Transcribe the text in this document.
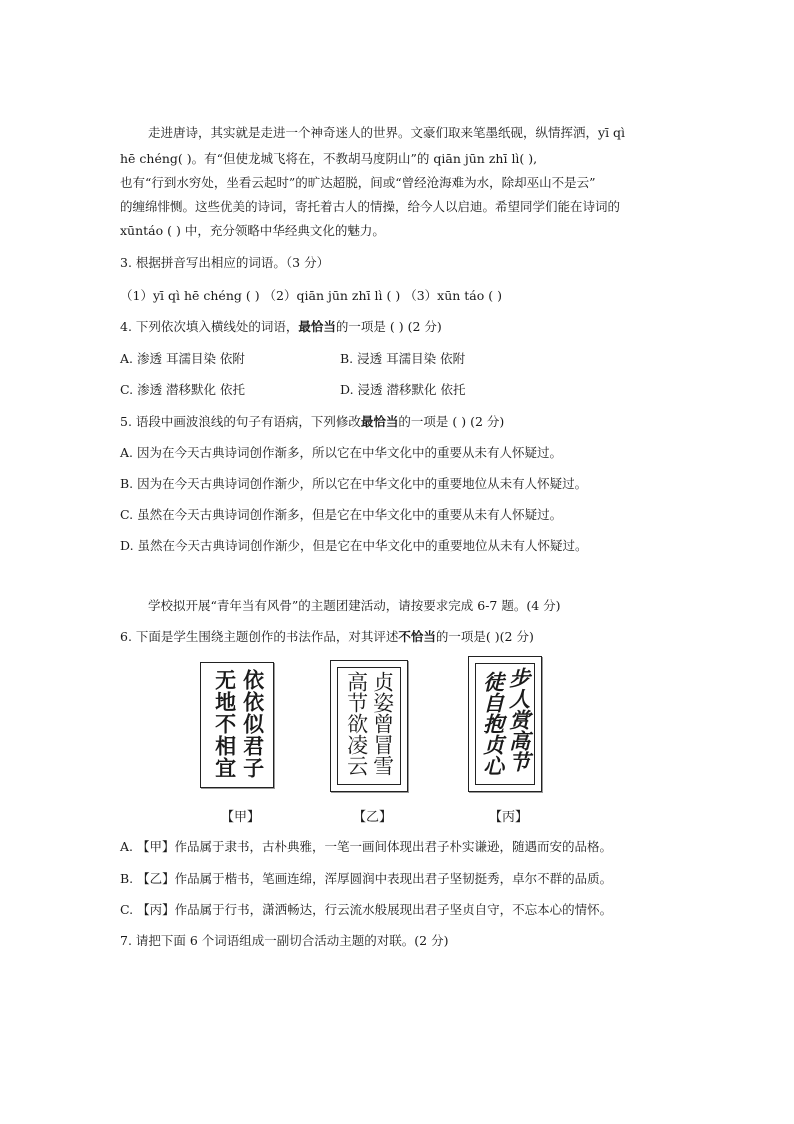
走进唐诗，其实就是走进一个神奇迷人的世界。文豪们取来笔墨纸砚，纵情挥洒，yī qì
hē chéng( )。有“但使龙城飞将在，不教胡马度阴山”的 qiān jūn zhī lì( ),
也有“行到水穷处，坐看云起时”的旷达超脱，间或“曾经沧海难为水，除却巫山不是云”
的缠绵悱恻。这些优美的诗词，寄托着古人的情操，给今人以启迪。希望同学们能在诗词的
xūntáo ( ) 中，充分领略中华经典文化的魅力。
3. 根据拼音写出相应的词语。（3 分）
（1）yī qì hē chéng ( ) （2）qiān jūn zhī lì ( ) （3）xūn táo ( )
4. 下列依次填入横线处的词语，最恰当的一项是 ( ) (2 分)
A. 渗透 耳濡目染 依附	B. 浸透 耳濡目染 依附
C. 渗透 潜移默化 依托	D. 浸透 潜移默化 依托
5. 语段中画波浪线的句子有语病，下列修改最恰当的一项是 ( ) (2 分)
A. 因为在今天古典诗词创作渐多，所以它在中华文化中的重要从未有人怀疑过。
B. 因为在今天古典诗词创作渐少，所以它在中华文化中的重要地位从未有人怀疑过。
C. 虽然在今天古典诗词创作渐多，但是它在中华文化中的重要从未有人怀疑过。
D. 虽然在今天古典诗词创作渐少，但是它在中华文化中的重要地位从未有人怀疑过。
学校拟开展“青年当有风骨”的主题团建活动，请按要求完成 6-7 题。(4 分)
6. 下面是学生围绕主题创作的书法作品，对其评述不恰当的一项是( )(2 分)
依依似君子
无地不相宜
【甲】
贞姿曾冒雪
高节欲凌云
【乙】
步人赏高节
徒自抱贞心
【丙】
A. 【甲】作品属于隶书，古朴典雅，一笔一画间体现出君子朴实谦逊，随遇而安的品格。
B. 【乙】作品属于楷书，笔画连绵，浑厚圆润中表现出君子坚韧挺秀，卓尔不群的品质。
C. 【丙】作品属于行书，潇洒畅达，行云流水般展现出君子坚贞自守，不忘本心的情怀。
7. 请把下面 6 个词语组成一副切合活动主题的对联。(2 分)
